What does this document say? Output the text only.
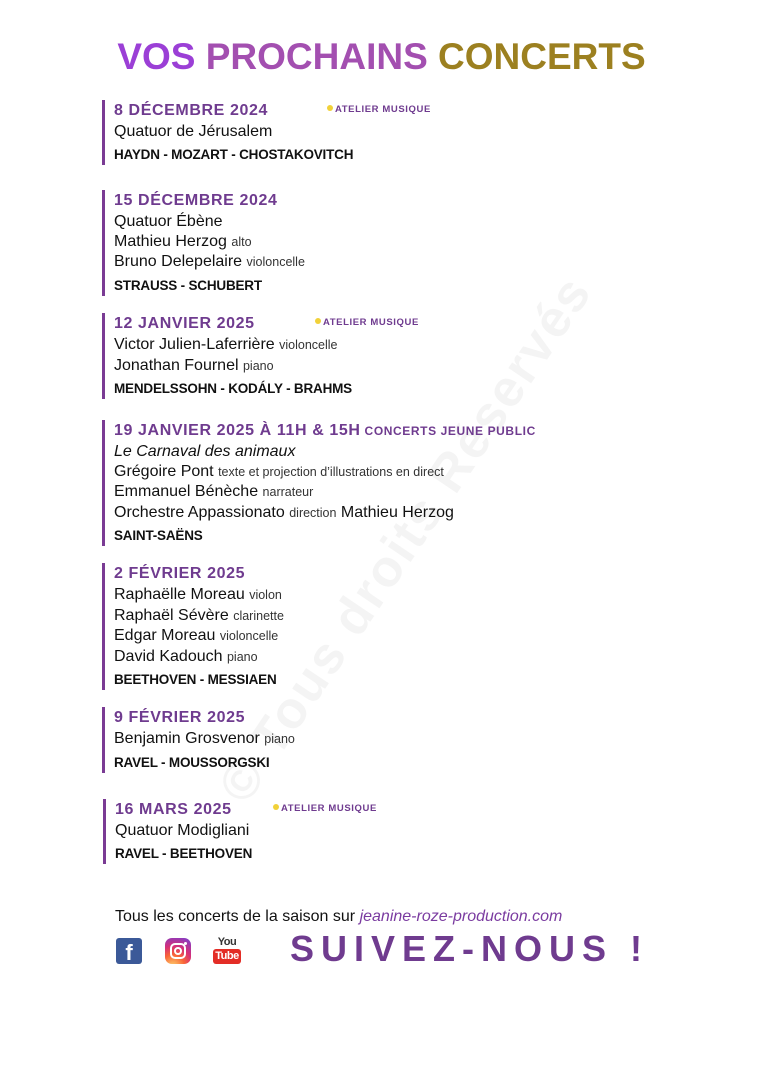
VOS PROCHAINS CONCERTS
8 DÉCEMBRE 2024	ATELIER MUSIQUE
Quatuor de Jérusalem
HAYDN - MOZART - CHOSTAKOVITCH
15 DÉCEMBRE 2024
Quatuor Ébène
Mathieu Herzog alto
Bruno Delepelaire violoncelle
STRAUSS - SCHUBERT
12 JANVIER 2025	ATELIER MUSIQUE
Victor Julien-Laferrière violoncelle
Jonathan Fournel piano
MENDELSSOHN - KODÁLY - BRAHMS
19 JANVIER 2025 À 11H & 15H CONCERTS JEUNE PUBLIC
Le Carnaval des animaux
Grégoire Pont texte et projection d’illustrations en direct
Emmanuel Bénèche narrateur
Orchestre Appassionato direction Mathieu Herzog
SAINT-SAËNS
2 FÉVRIER 2025
Raphaëlle Moreau violon
Raphaël Sévère clarinette
Edgar Moreau violoncelle
David Kadouch piano
BEETHOVEN - MESSIAEN
9 FÉVRIER 2025
Benjamin Grosvenor piano
RAVEL - MOUSSORGSKI
16 MARS 2025	ATELIER MUSIQUE
Quatuor Modigliani
RAVEL - BEETHOVEN
Tous les concerts de la saison sur jeanine-roze-production.com
f	You
Tube SUIVEZ-NOUS !
